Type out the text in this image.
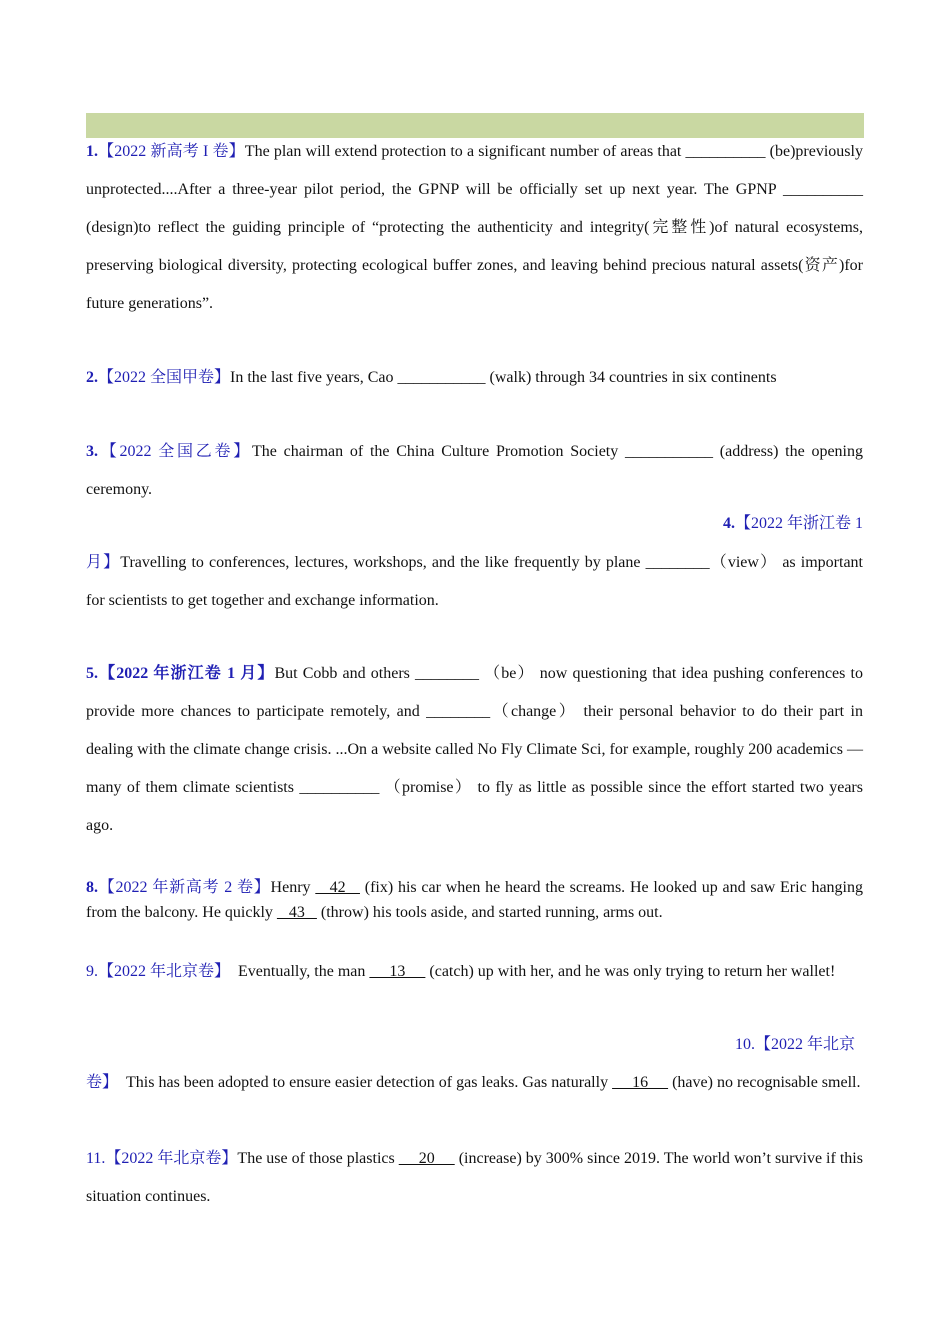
1.【2022 新高考 I 卷】The plan will extend protection to a significant number of areas that __________ (be)previously unprotected....After a three-year pilot period, the GPNP will be officially set up next year. The GPNP __________ (design)to reflect the guiding principle of “protecting the authenticity and integrity(完整性)of natural ecosystems, preserving biological diversity, protecting ecological buffer zones, and leaving behind precious natural assets(资产)for future generations”.

2.【2022 全国甲卷】In the last five years, Cao ___________ (walk) through 34 countries in six continents

3.【2022 全国乙卷】The chairman of the China Culture Promotion Society ___________ (address) the opening ceremony.

4.【2022 年浙江卷 1

月】Travelling to conferences, lectures, workshops, and the like frequently by plane ________（view） as important for scientists to get together and exchange information.

5.【2022 年浙江卷 1 月】But Cobb and others ________ （be） now questioning that idea pushing conferences to provide more chances to participate remotely, and ________（change） their personal behavior to do their part in dealing with the climate change crisis. ...On a website called No Fly Climate Sci, for example, roughly 200 academics —many of them climate scientists __________ （promise） to fly as little as possible since the effort started two years ago.

8.【2022 年新高考 2 卷】Henry    42    (fix) his car when he heard the screams. He looked up and saw Eric hanging from the balcony. He quickly    43    (throw) his tools aside, and started running, arms out.

9.【2022 年北京卷】  Eventually, the man      13      (catch) up with her, and he was only trying to return her wallet!

10.【2022 年北京

卷】  This has been adopted to ensure easier detection of gas leaks. Gas naturally      16      (have) no recognisable smell.

11.【2022 年北京卷】The use of those plastics      20      (increase) by 300% since 2019. The world won’t survive if this situation continues.
